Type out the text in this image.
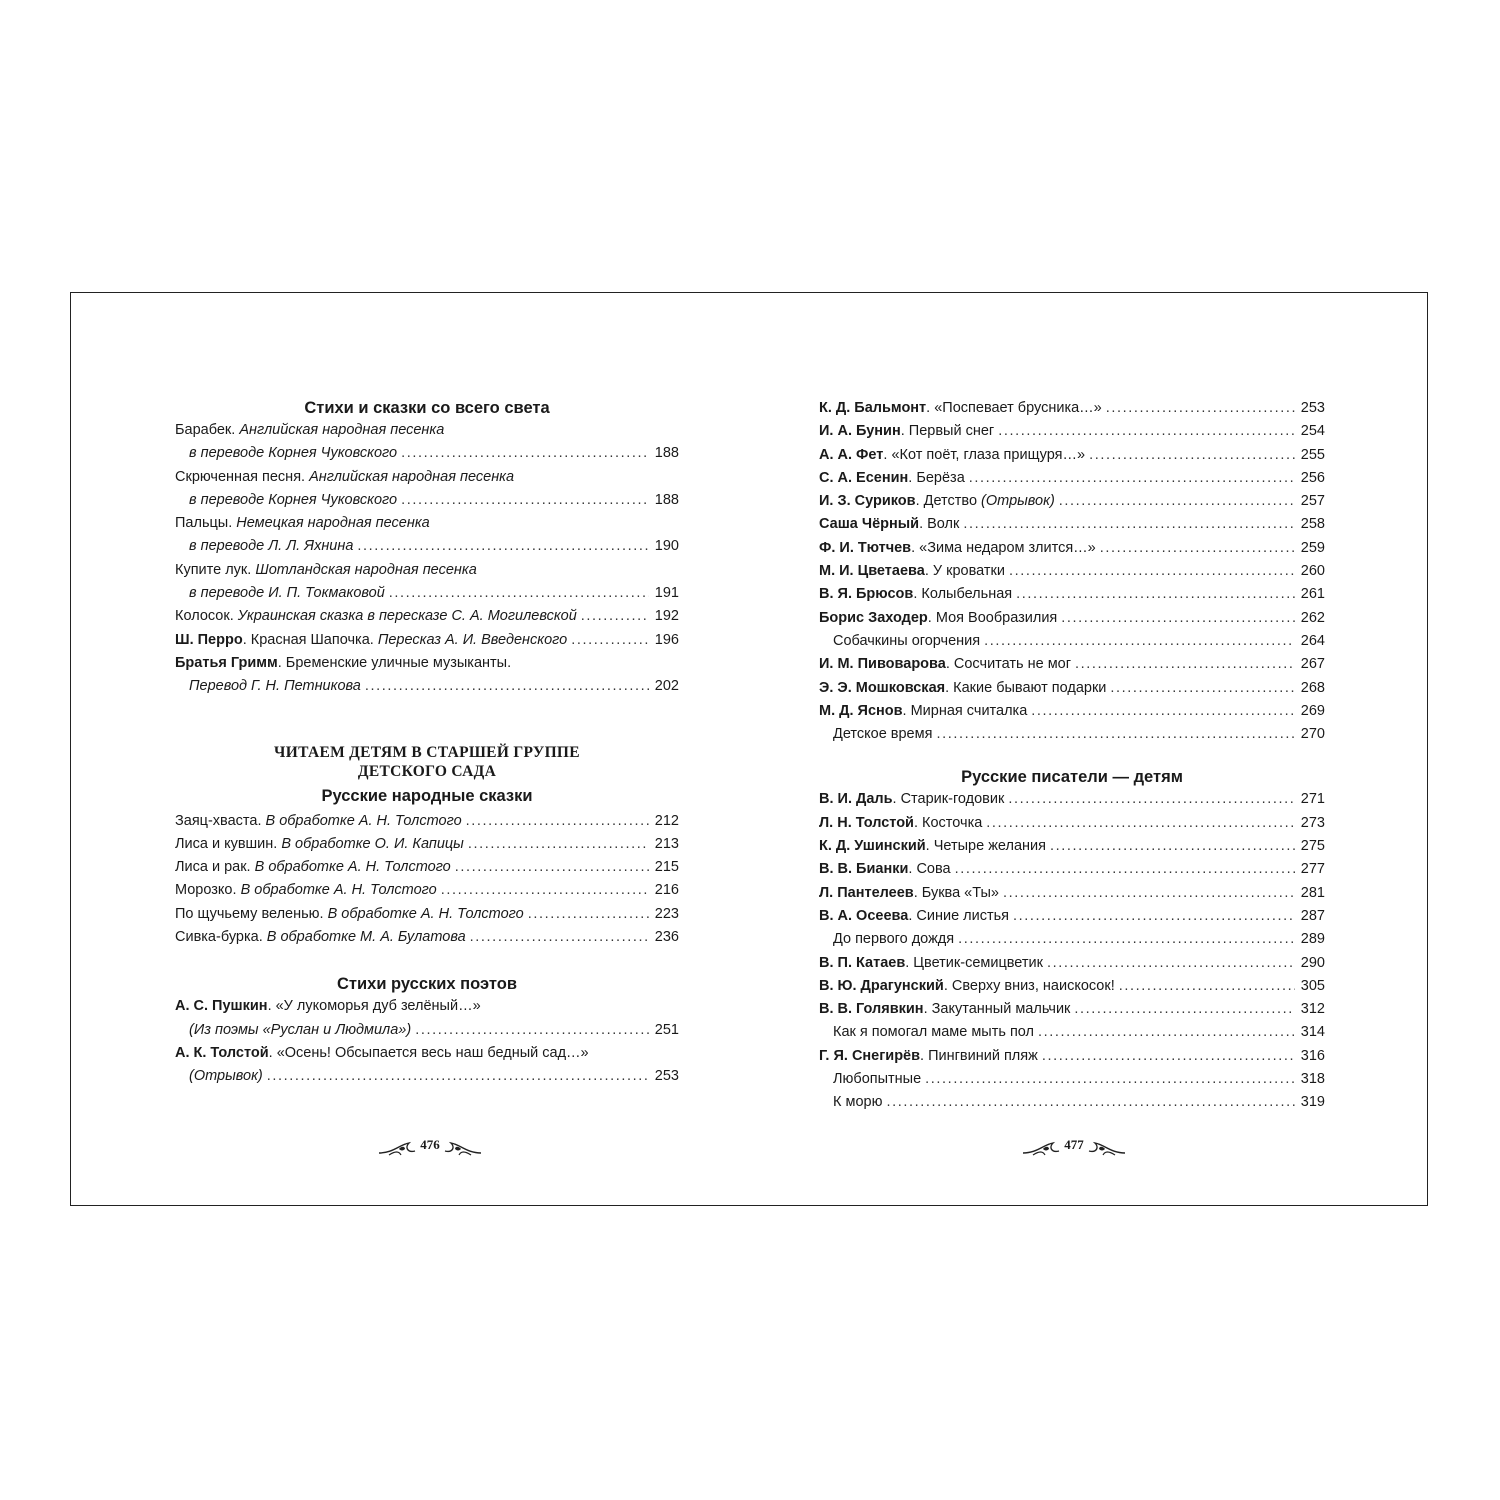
Стихи и сказки со всего света
Барабек. Английская народная песенка
в переводе Корнея Чуковского .....	188
Скрюченная песня. Английская народная песенка
в переводе Корнея Чуковского .....	188
Пальцы. Немецкая народная песенка
в переводе Л. Л. Яхнина .....	190
Купите лук. Шотландская народная песенка
в переводе И. П. Токмаковой .....	191
Колосок. Украинская сказка в пересказе С. А. Могилевской .....	192
Ш. Перро . Красная Шапочка. Пересказ А. И. Введенского .....	196
Братья Гримм . Бременские уличные музыканты.
Перевод Г. Н. Петникова .....	202
ЧИТАЕМ ДЕТЯМ В СТАРШЕЙ ГРУППЕ
ДЕТСКОГО САДА
Русские народные сказки
Заяц-хваста. В обработке А. Н. Толстого .....	212
Лиса и кувшин. В обработке О. И. Капицы .....	213
Лиса и рак. В обработке А. Н. Толстого .....	215
Морозко. В обработке А. Н. Толстого .....	216
По щучьему веленью. В обработке А. Н. Толстого .....	223
Сивка-бурка. В обработке М. А. Булатова .....	236
Стихи русских поэтов
А. С. Пушкин . «У лукоморья дуб зелёный…»
(Из поэмы «Руслан и Людмила») .....	251
А. К. Толстой . «Осень! Обсыпается весь наш бедный сад…»
(Отрывок) .....	253
К. Д. Бальмонт . «Поспевает брусника…» .....	253
И. А. Бунин . Первый снег .....	254
А. А. Фет . «Кот поёт, глаза прищуря…» .....	255
С. А. Есенин . Берёза .....	256
И. З. Суриков . Детство (Отрывок) .....	257
Саша Чёрный . Волк .....	258
Ф. И. Тютчев . «Зима недаром злится…» .....	259
М. И. Цветаева . У кроватки .....	260
В. Я. Брюсов . Колыбельная .....	261
Борис Заходер . Моя Вообразилия .....	262
Собачкины огорчения .....	264
И. М. Пивоварова . Сосчитать не мог .....	267
Э. Э. Мошковская . Какие бывают подарки .....	268
М. Д. Яснов . Мирная считалка .....	269
Детское время .....	270
Русские писатели — детям
В. И. Даль . Старик-годовик .....	271
Л. Н. Толстой . Косточка .....	273
К. Д. Ушинский . Четыре желания .....	275
В. В. Бианки . Сова .....	277
Л. Пантелеев . Буква «Ты» .....	281
В. А. Осеева . Синие листья .....	287
До первого дождя .....	289
В. П. Катаев . Цветик-семицветик .....	290
В. Ю. Драгунский . Сверху вниз, наискосок! .....	305
В. В. Голявкин . Закутанный мальчик .....	312
Как я помогал маме мыть пол .....	314
Г. Я. Снегирёв . Пингвиний пляж .....	316
Любопытные .....	318
К морю .....	319
476	477
